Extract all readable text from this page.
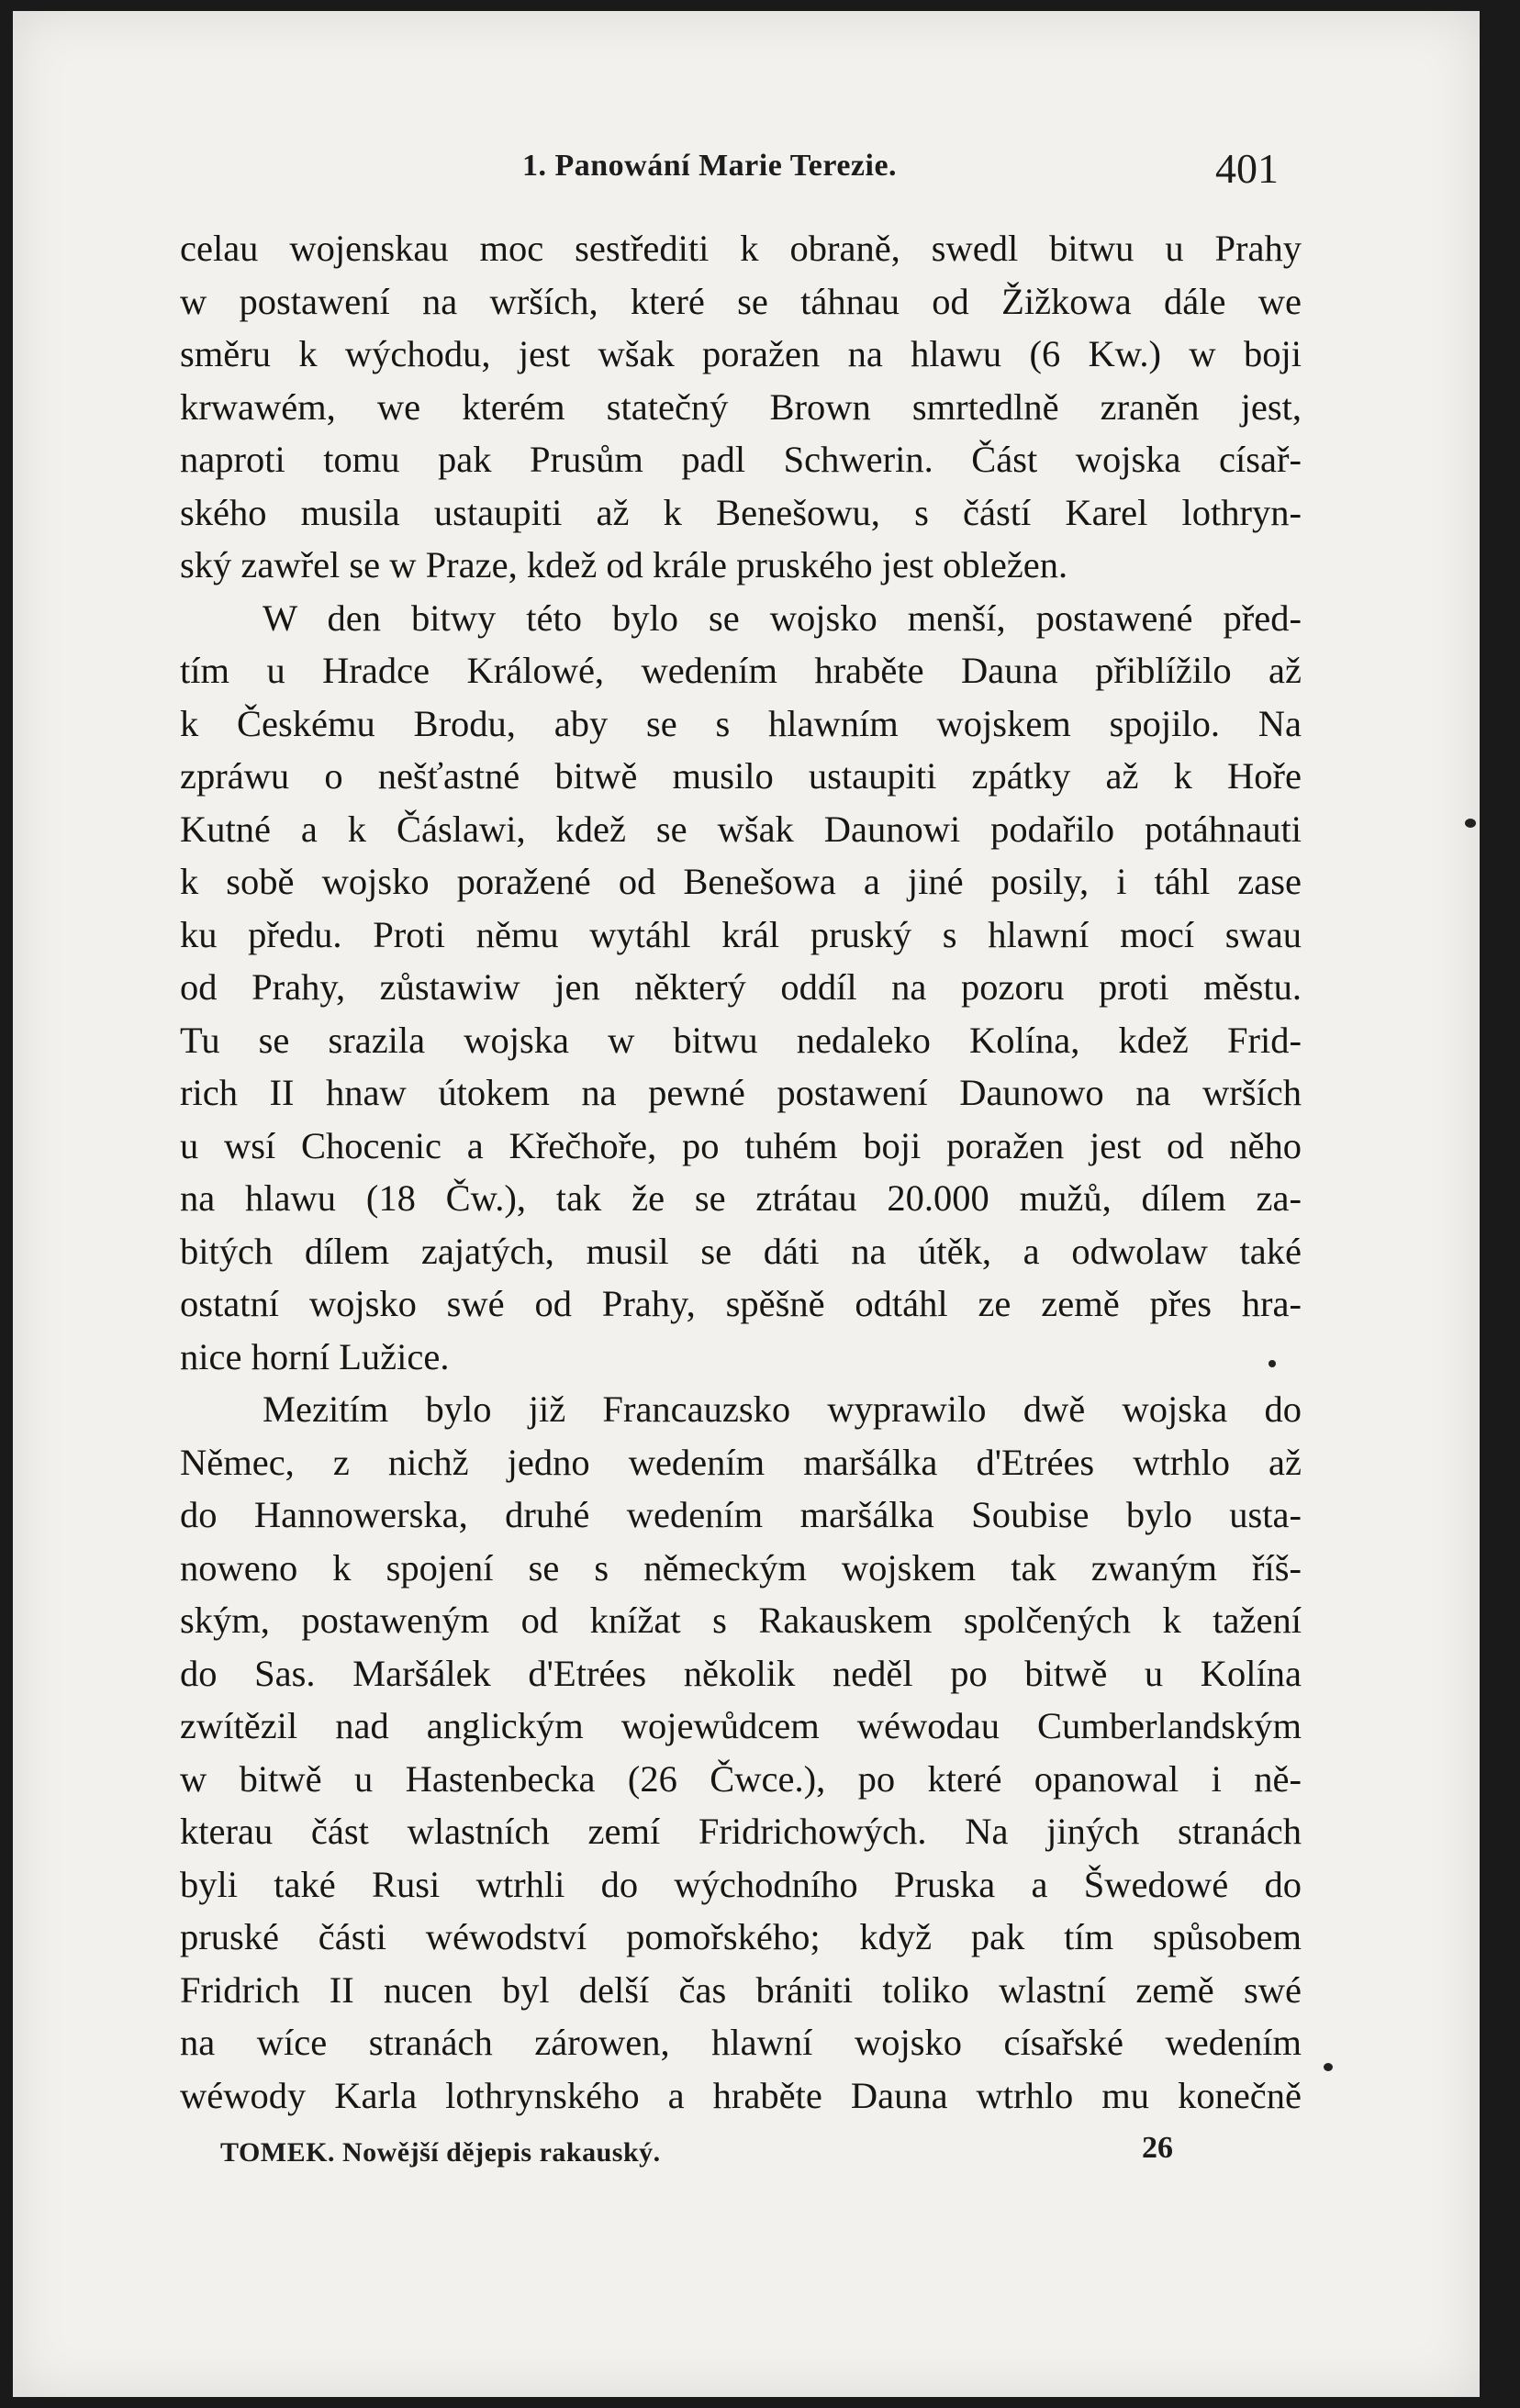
1. Panowání Marie Terezie.	401
celau wojenskau moc sestřediti k obraně, swedl bitwu u Prahy
w postawení na wrších, které se táhnau od Žižkowa dále we
směru k wýchodu, jest wšak poražen na hlawu (6 Kw.) w boji
krwawém, we kterém statečný Brown smrtedlně zraněn jest,
naproti tomu pak Prusům padl Schwerin. Část wojska císař-
ského musila ustaupiti až k Benešowu, s částí Karel lothryn-
ský zawřel se w Praze, kdež od krále pruského jest obležen.
W den bitwy této bylo se wojsko menší, postawené před-
tím u Hradce Králowé, wedením hraběte Dauna přiblížilo až
k Českému Brodu, aby se s hlawním wojskem spojilo. Na
zpráwu o nešťastné bitwě musilo ustaupiti zpátky až k Hoře
Kutné a k Čáslawi, kdež se wšak Daunowi podařilo potáhnauti
k sobě wojsko poražené od Benešowa a jiné posily, i táhl zase
ku předu. Proti němu wytáhl král pruský s hlawní mocí swau
od Prahy, zůstawiw jen některý oddíl na pozoru proti městu.
Tu se srazila wojska w bitwu nedaleko Kolína, kdež Frid-
rich II hnaw útokem na pewné postawení Daunowo na wrších
u wsí Chocenic a Křečhoře, po tuhém boji poražen jest od něho
na hlawu (18 Čw.), tak že se ztrátau 20.000 mužů, dílem za-
bitých dílem zajatých, musil se dáti na útěk, a odwolaw také
ostatní wojsko swé od Prahy, spěšně odtáhl ze země přes hra-
nice horní Lužice.
Mezitím bylo již Francauzsko wyprawilo dwě wojska do
Němec, z nichž jedno wedením maršálka d'Etrées wtrhlo až
do Hannowerska, druhé wedením maršálka Soubise bylo usta-
noweno k spojení se s německým wojskem tak zwaným říš-
ským, postaweným od knížat s Rakauskem spolčených k tažení
do Sas. Maršálek d'Etrées několik neděl po bitwě u Kolína
zwítězil nad anglickým wojewůdcem wéwodau Cumberlandským
w bitwě u Hastenbecka (26 Čwce.), po které opanowal i ně-
kterau část wlastních zemí Fridrichowých. Na jiných stranách
byli také Rusi wtrhli do wýchodního Pruska a Šwedowé do
pruské části wéwodství pomořského; když pak tím spůsobem
Fridrich II nucen byl delší čas brániti toliko wlastní země swé
na wíce stranách zárowen, hlawní wojsko císařské wedením
wéwody Karla lothrynského a hraběte Dauna wtrhlo mu konečně
TOMEK. Nowější dějepis rakauský.	26
